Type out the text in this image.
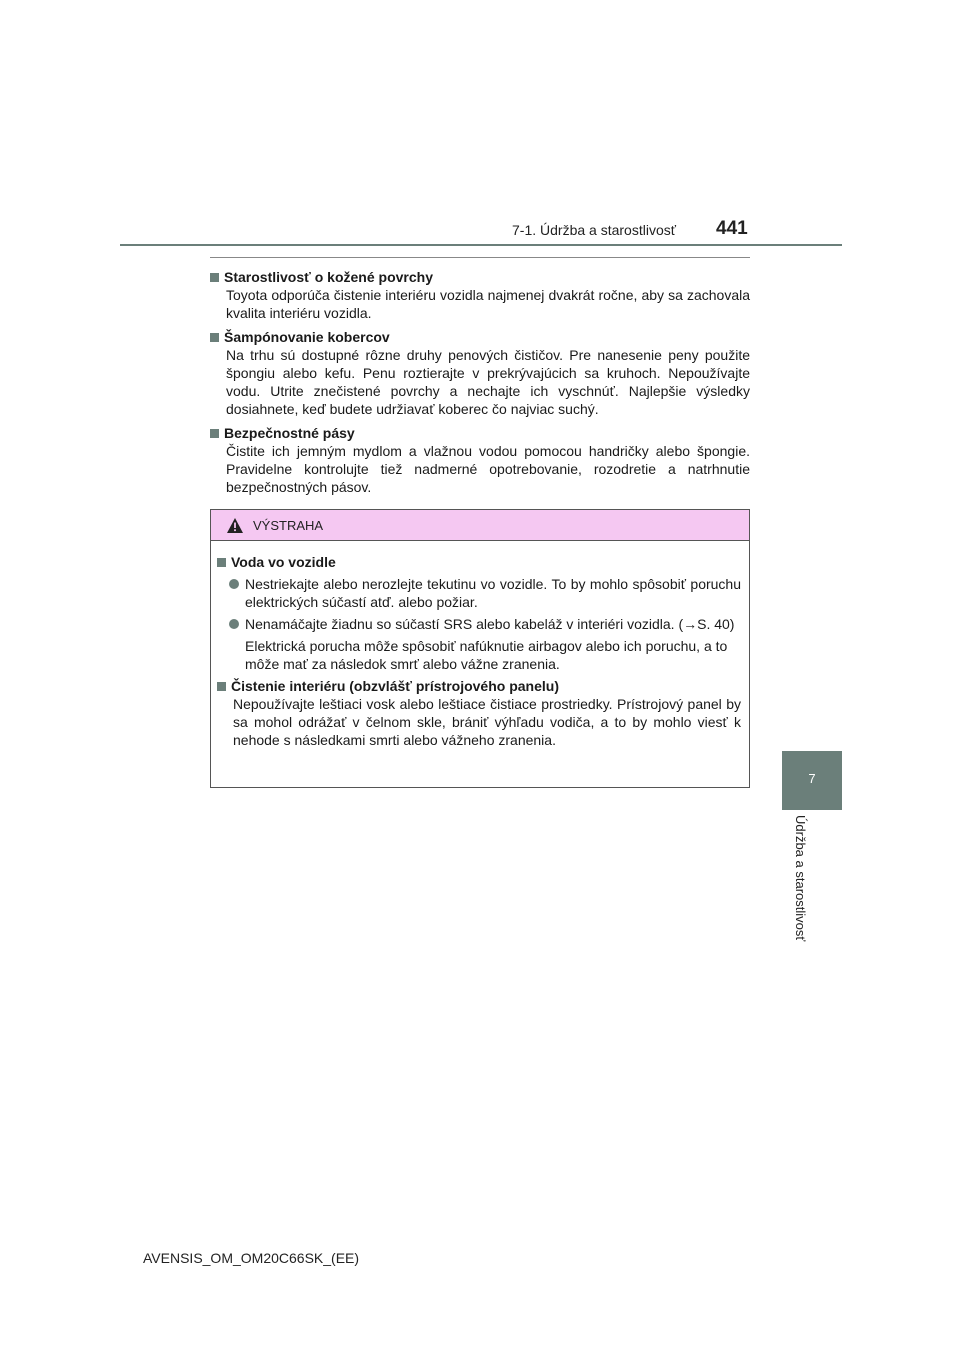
7-1. Údržba a starostlivosť 441
7
Údržba a starostlivosť
Starostlivosť o kožené povrchy
Toyota odporúča čistenie interiéru vozidla najmenej dvakrát ročne, aby sa zachovala kvalita interiéru vozidla.
Šampónovanie kobercov
Na trhu sú dostupné rôzne druhy penových čističov. Pre nanesenie peny použite špongiu alebo kefu. Penu roztierajte v prekrývajúcich sa kruhoch. Nepoužívajte vodu. Utrite znečistené povrchy a nechajte ich vyschnúť. Najlepšie výsledky dosiahnete, keď budete udržiavať koberec čo najviac suchý.
Bezpečnostné pásy
Čistite ich jemným mydlom a vlažnou vodou pomocou handričky alebo špongie. Pravidelne kontrolujte tiež nadmerné opotrebovanie, rozodretie a natrhnutie bezpečnostných pásov.
VÝSTRAHA
Voda vo vozidle
Nestriekajte alebo nerozlejte tekutinu vo vozidle. To by mohlo spôsobiť poruchu elektrických súčastí atď. alebo požiar.
Nenamáčajte žiadnu so súčastí SRS alebo kabeláž v interiéri vozidla. (→S. 40)
Elektrická porucha môže spôsobiť nafúknutie airbagov alebo ich poruchu, a to môže mať za následok smrť alebo vážne zranenia.
Čistenie interiéru (obzvlášť prístrojového panelu)
Nepoužívajte leštiaci vosk alebo leštiace čistiace prostriedky. Prístrojový panel by sa mohol odrážať v čelnom skle, brániť výhľadu vodiča, a to by mohlo viesť k nehode s následkami smrti alebo vážneho zranenia.
AVENSIS_OM_OM20C66SK_(EE)
